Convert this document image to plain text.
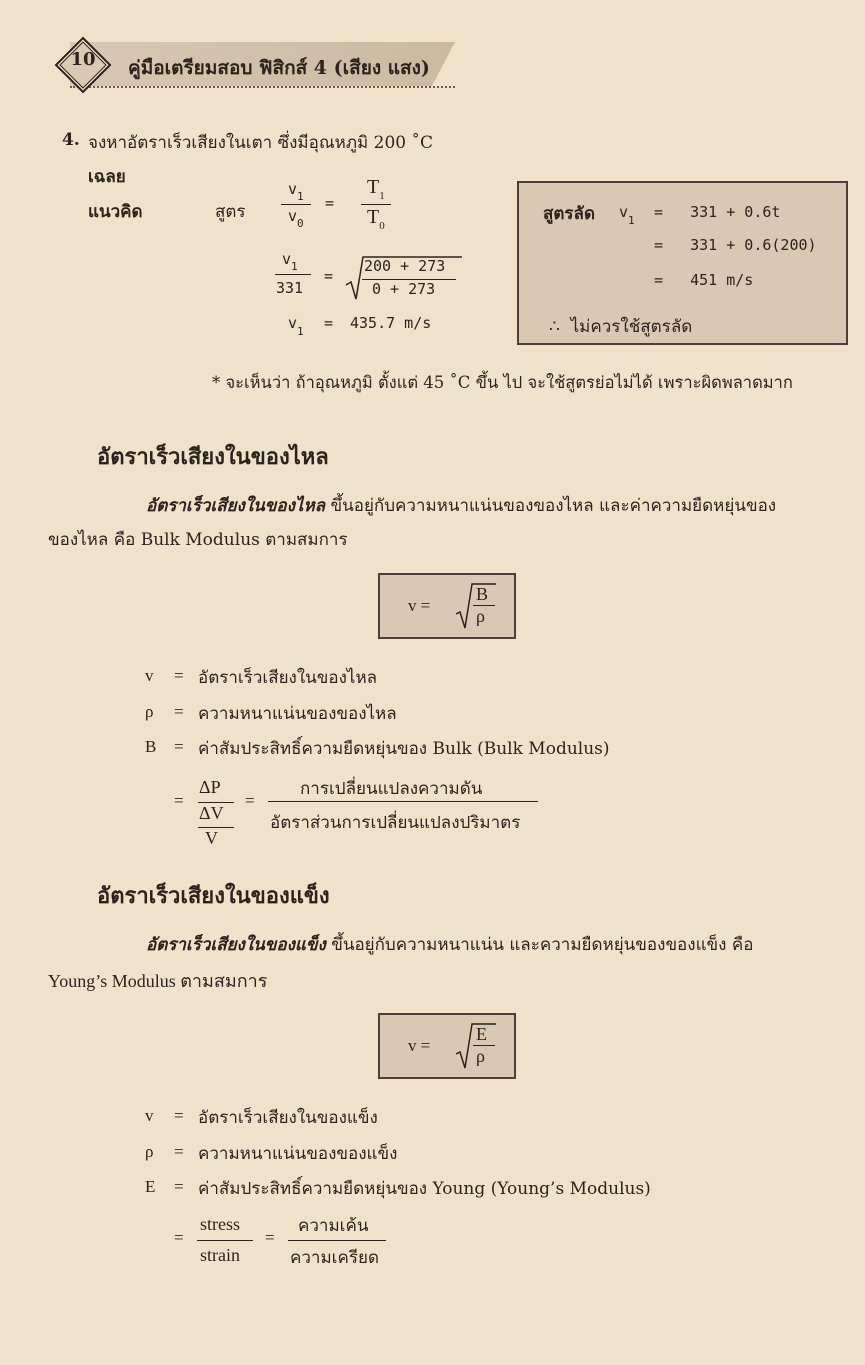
10	คู่มือเตรียมสอบ ฟิสิกส์ 4 (เสียง แสง)
4. จงหาอัตราเร็วเสียงในเตา ซึ่งมีอุณหภูมิ 200 ˚C
เฉลย
แนวคิด	สูตร
$v_1$
$v_0$
=
$T_1$
$T_0$
$v_1$
331
=
200 + 273
0 + 273
$v_1 = 435.7$ m/s
สูตรลัด $v_1 = 331 + 0.6t$
=   331 + 0.6(200)
=   451 m/s
∴  ไม่ควรใช้สูตรลัด
* จะเห็นว่า ถ้าอุณหภูมิ ตั้งแต่ 45 ˚C ขึ้น ไป จะใช้สูตรย่อไม่ได้ เพราะผิดพลาดมาก
อัตราเร็วเสียงในของไหล
อัตราเร็วเสียงในของไหล ขึ้นอยู่กับความหนาแน่นของของไหล และค่าความยืดหยุ่นของ
ของไหล คือ Bulk Modulus ตามสมการ
v =
B
ρ
v = อัตราเร็วเสียงในของไหล
ρ = ความหนาแน่นของของไหล
B = ค่าสัมประสิทธิ์ความยืดหยุ่นของ Bulk (Bulk Modulus)
=
ΔP
ΔV
V
=
การเปลี่ยนแปลงความดัน
อัตราส่วนการเปลี่ยนแปลงปริมาตร
อัตราเร็วเสียงในของแข็ง
อัตราเร็วเสียงในของแข็ง ขึ้นอยู่กับความหนาแน่น และความยืดหยุ่นของของแข็ง คือ
Young’s Modulus ตามสมการ
v =
E
ρ
v = อัตราเร็วเสียงในของแข็ง
ρ = ความหนาแน่นของของแข็ง
E = ค่าสัมประสิทธิ์ความยืดหยุ่นของ Young (Young’s Modulus)
=
stress
strain
=
ความเค้น
ความเครียด
